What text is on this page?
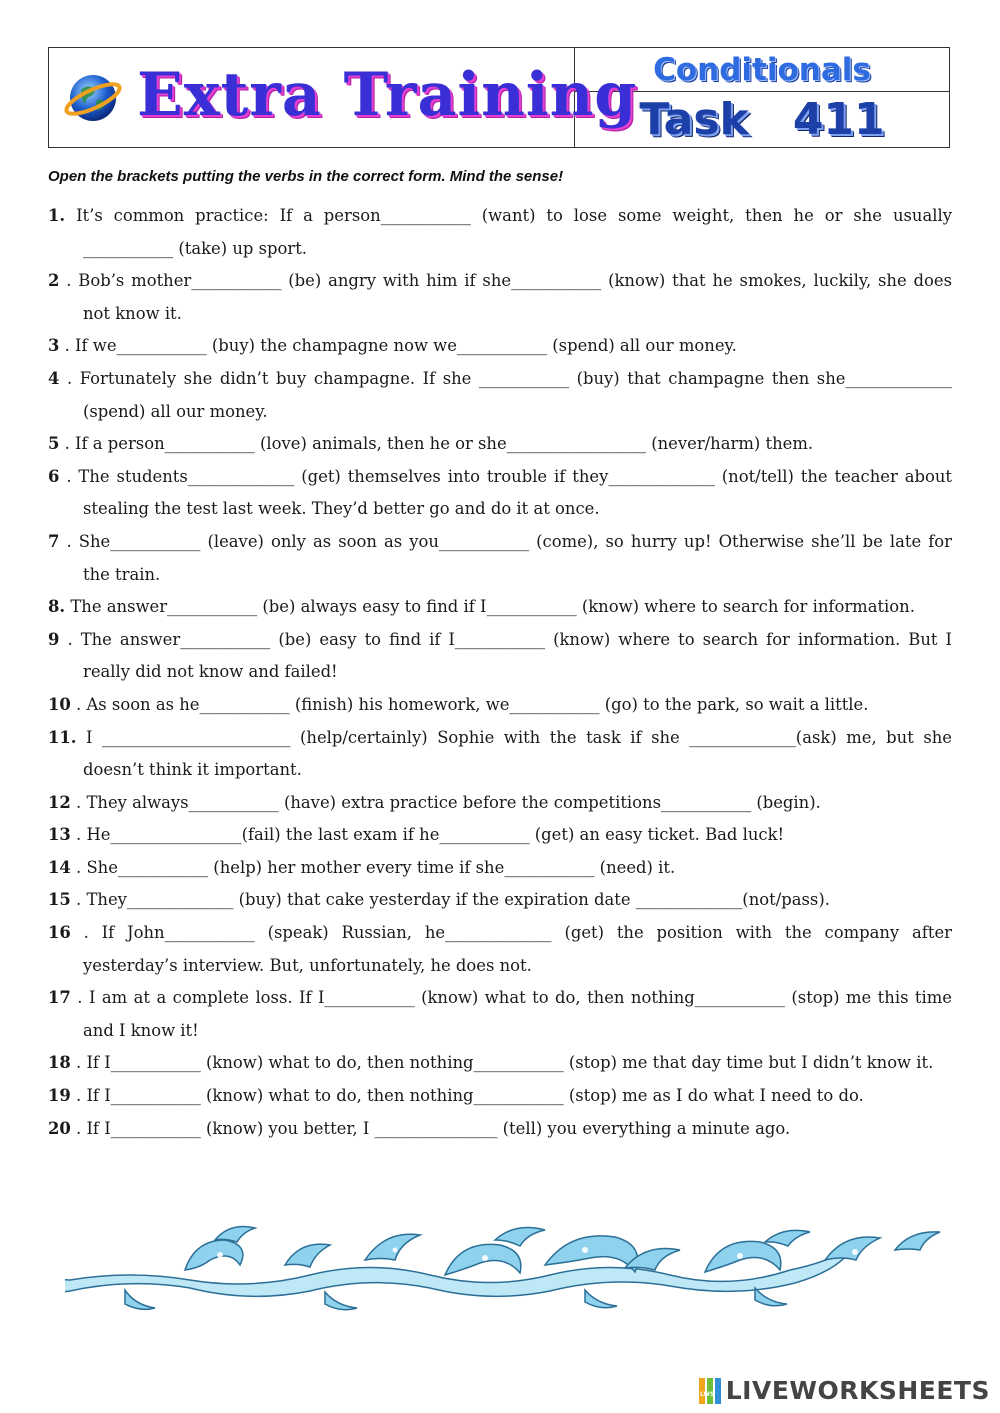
Extra Training Conditionals
Task 411
Open the brackets putting the verbs in the correct form. Mind the sense!
1. It’s common practice: If a person___________ (want) to lose some weight, then he or she usually ___________ (take) up sport.
2 . Bob’s mother___________ (be) angry with him if she___________ (know) that he smokes, luckily, she does not know it.
3 . If we___________ (buy) the champagne now we___________ (spend) all our money.
4 . Fortunately she didn’t buy champagne. If she ___________ (buy) that champagne then she_____________ (spend) all our money.
5 . If a person___________ (love) animals, then he or she_________________ (never/harm) them.
6 . The students_____________ (get) themselves into trouble if they_____________ (not/tell) the teacher about stealing the test last week. They’d better go and do it at once.
7 . She___________ (leave) only as soon as you___________ (come), so hurry up! Otherwise she’ll be late for the train.
8. The answer___________ (be) always easy to find if I___________ (know) where to search for information.
9 . The answer___________ (be) easy to find if I___________ (know) where to search for information. But I really did not know and failed!
10 . As soon as he___________ (finish) his homework, we___________ (go) to the park, so wait a little.
11. I _______________________ (help/certainly) Sophie with the task if she _____________(ask) me, but she doesn’t think it important.
12 . They always___________ (have) extra practice before the competitions___________ (begin).
13 . He________________(fail) the last exam if he___________ (get) an easy ticket. Bad luck!
14 . She___________ (help) her mother every time if she___________ (need) it.
15 . They_____________ (buy) that cake yesterday if the expiration date _____________(not/pass).
16 . If John___________ (speak) Russian, he_____________ (get) the position with the company after yesterday’s interview. But, unfortunately, he does not.
17 . I am at a complete loss. If I___________ (know) what to do, then nothing___________ (stop) me this time and I know it!
18 . If I___________ (know) what to do, then nothing___________ (stop) me that day time but I didn’t know it.
19 . If I___________ (know) what to do, then nothing___________ (stop) me as I do what I need to do.
20 . If I___________ (know) you better, I _______________ (tell) you everything a minute ago.
LWS LIVEWORKSHEETS
